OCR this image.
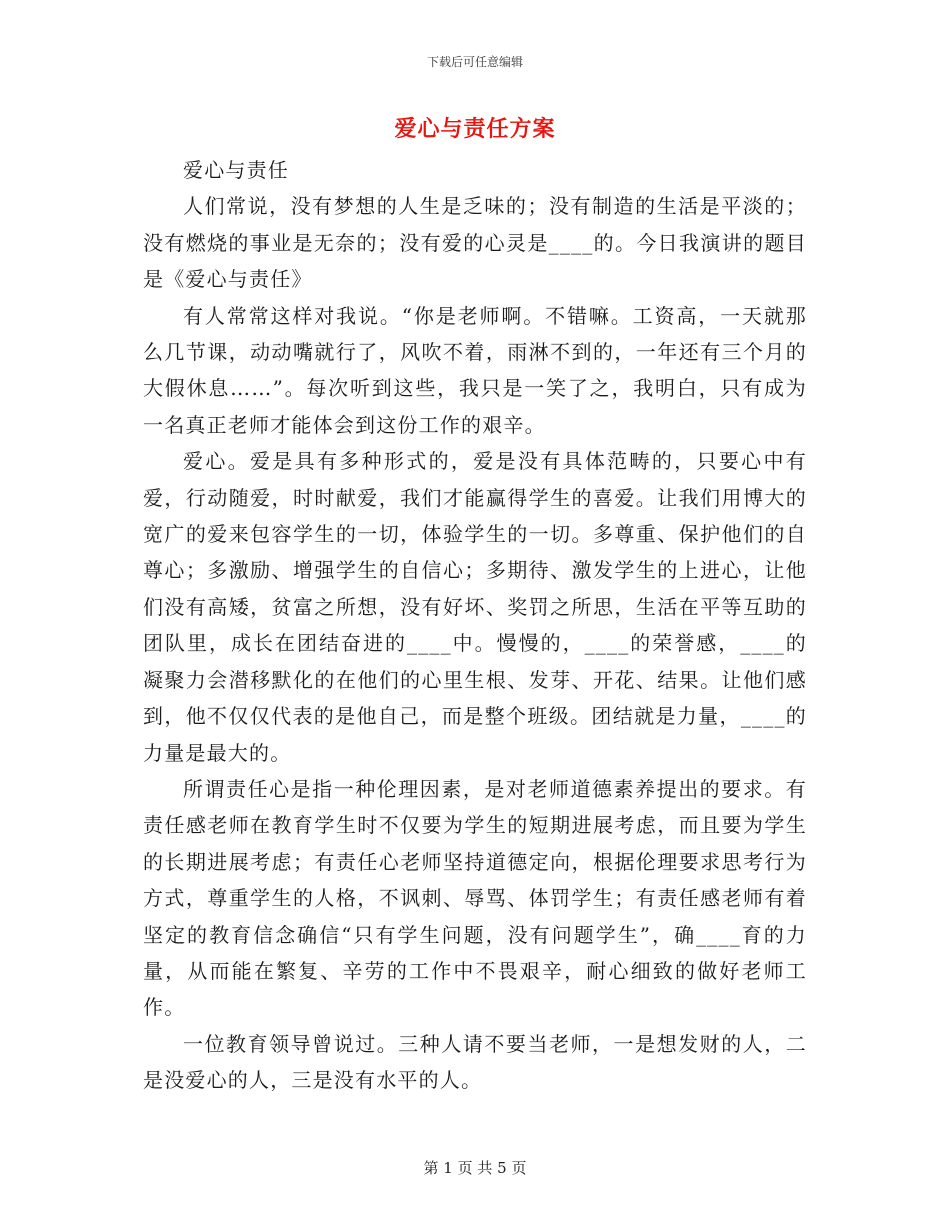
下载后可任意编辑
爱心与责任方案

爱心与责任

人们常说，没有梦想的人生是乏味的；没有制造的生活是平淡的；没有燃烧的事业是无奈的；没有爱的心灵是____的。今日我演讲的题目是《爱心与责任》

有人常常这样对我说。“你是老师啊。不错嘛。工资高，一天就那么几节课，动动嘴就行了，风吹不着，雨淋不到的，一年还有三个月的大假休息……”。每次听到这些，我只是一笑了之，我明白，只有成为一名真正老师才能体会到这份工作的艰辛。

爱心。爱是具有多种形式的，爱是没有具体范畴的，只要心中有爱，行动随爱，时时献爱，我们才能赢得学生的喜爱。让我们用博大的宽广的爱来包容学生的一切，体验学生的一切。多尊重、保护他们的自尊心；多激励、增强学生的自信心；多期待、激发学生的上进心，让他们没有高矮，贫富之所想，没有好坏、奖罚之所思，生活在平等互助的团队里，成长在团结奋进的____中。慢慢的，____的荣誉感，____的凝聚力会潜移默化的在他们的心里生根、发芽、开花、结果。让他们感到，他不仅仅代表的是他自己，而是整个班级。团结就是力量，____的力量是最大的。

所谓责任心是指一种伦理因素，是对老师道德素养提出的要求。有责任感老师在教育学生时不仅要为学生的短期进展考虑，而且要为学生的长期进展考虑；有责任心老师坚持道德定向，根据伦理要求思考行为方式，尊重学生的人格，不讽刺、辱骂、体罚学生；有责任感老师有着坚定的教育信念确信“只有学生问题，没有问题学生”，确____育的力量，从而能在繁复、辛劳的工作中不畏艰辛，耐心细致的做好老师工作。

一位教育领导曾说过。三种人请不要当老师，一是想发财的人，二是没爱心的人，三是没有水平的人。

第 1 页 共 5 页
